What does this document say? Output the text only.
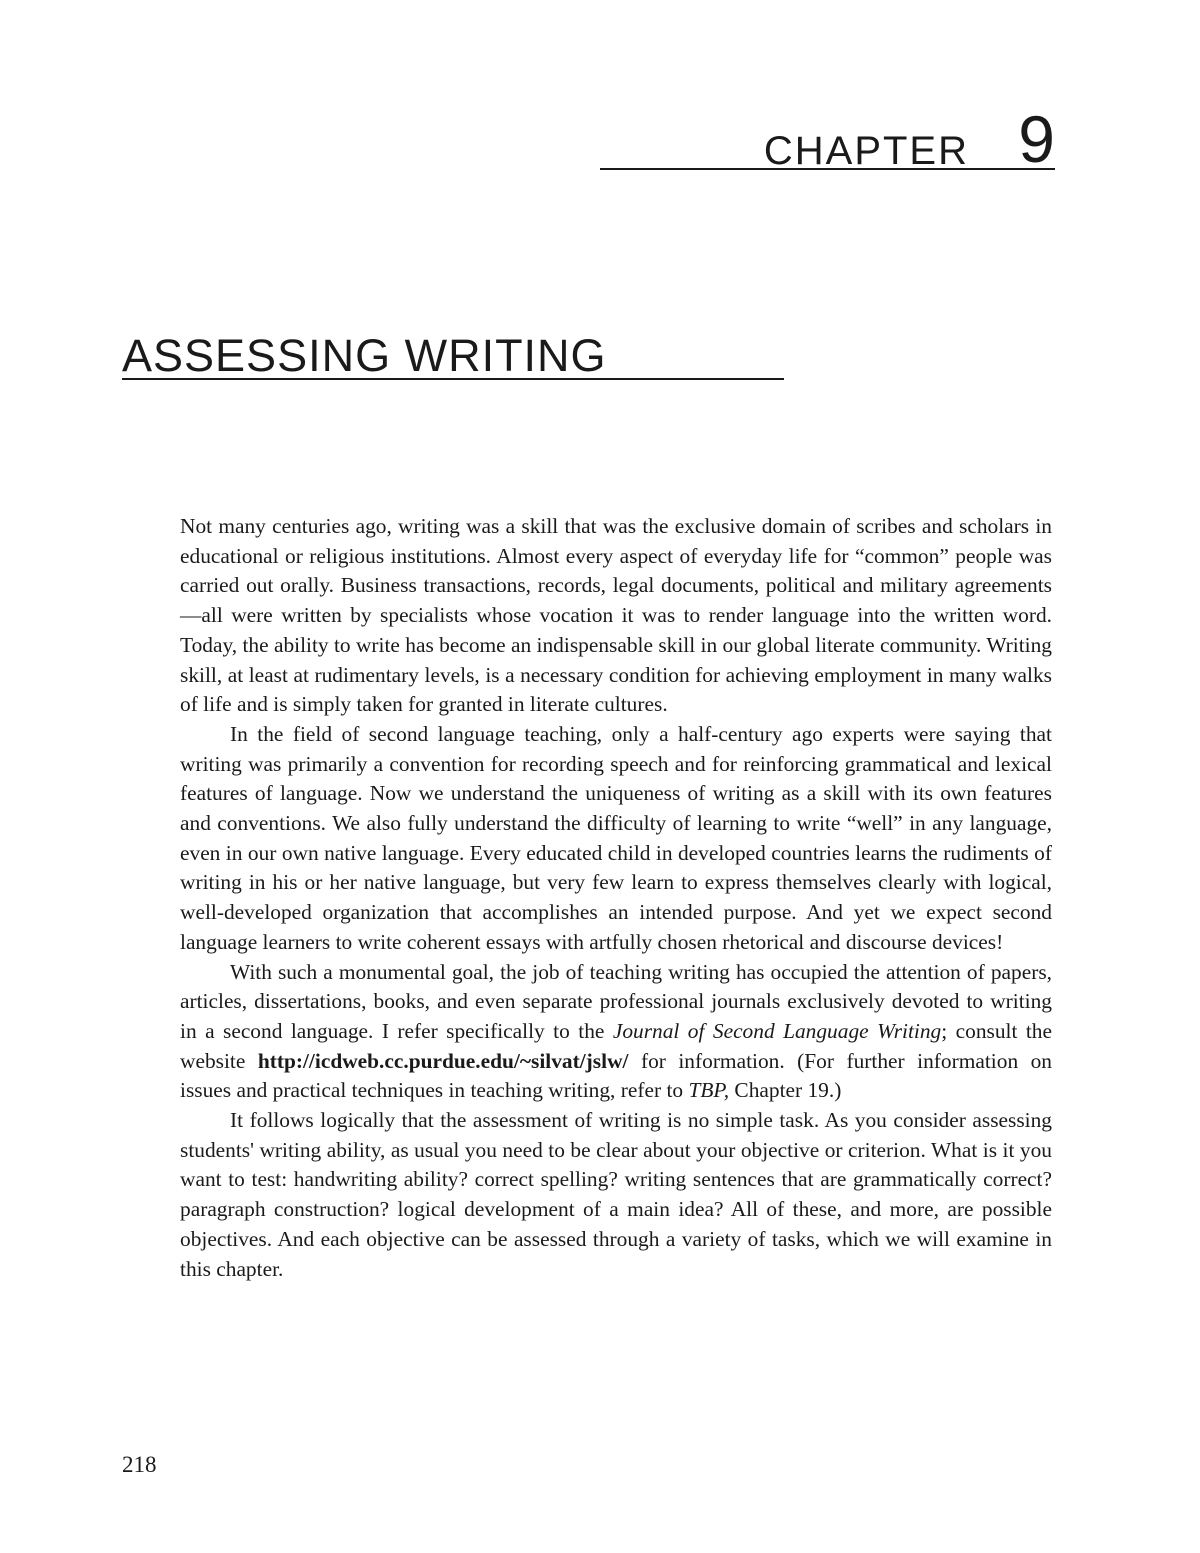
CHAPTER 9
ASSESSING WRITING

Not many centuries ago, writing was a skill that was the exclusive domain of scribes and scholars in educational or religious institutions. Almost every aspect of everyday life for “common” people was carried out orally. Business transactions, records, legal documents, political and military agreements—all were written by specialists whose vocation it was to render language into the written word. Today, the ability to write has become an indispensable skill in our global literate community. Writing skill, at least at rudimentary levels, is a necessary condition for achieving employment in many walks of life and is simply taken for granted in literate cultures.

In the field of second language teaching, only a half-century ago experts were saying that writing was primarily a convention for recording speech and for reinforcing grammatical and lexical features of language. Now we understand the uniqueness of writing as a skill with its own features and conventions. We also fully understand the difficulty of learning to write “well” in any language, even in our own native language. Every educated child in developed countries learns the rudiments of writing in his or her native language, but very few learn to express themselves clearly with logical, well-developed organization that accomplishes an intended purpose. And yet we expect second language learners to write coherent essays with artfully chosen rhetorical and discourse devices!

With such a monumental goal, the job of teaching writing has occupied the attention of papers, articles, dissertations, books, and even separate professional journals exclusively devoted to writing in a second language. I refer specifically to the Journal of Second Language Writing; consult the website http://icdweb.cc.purdue.edu/~silvat/jslw/ for information. (For further information on issues and practical techniques in teaching writing, refer to TBP, Chapter 19.)

It follows logically that the assessment of writing is no simple task. As you consider assessing students' writing ability, as usual you need to be clear about your objective or criterion. What is it you want to test: handwriting ability? correct spelling? writing sentences that are grammatically correct? paragraph construction? logical development of a main idea? All of these, and more, are possible objectives. And each objective can be assessed through a variety of tasks, which we will examine in this chapter.

218
